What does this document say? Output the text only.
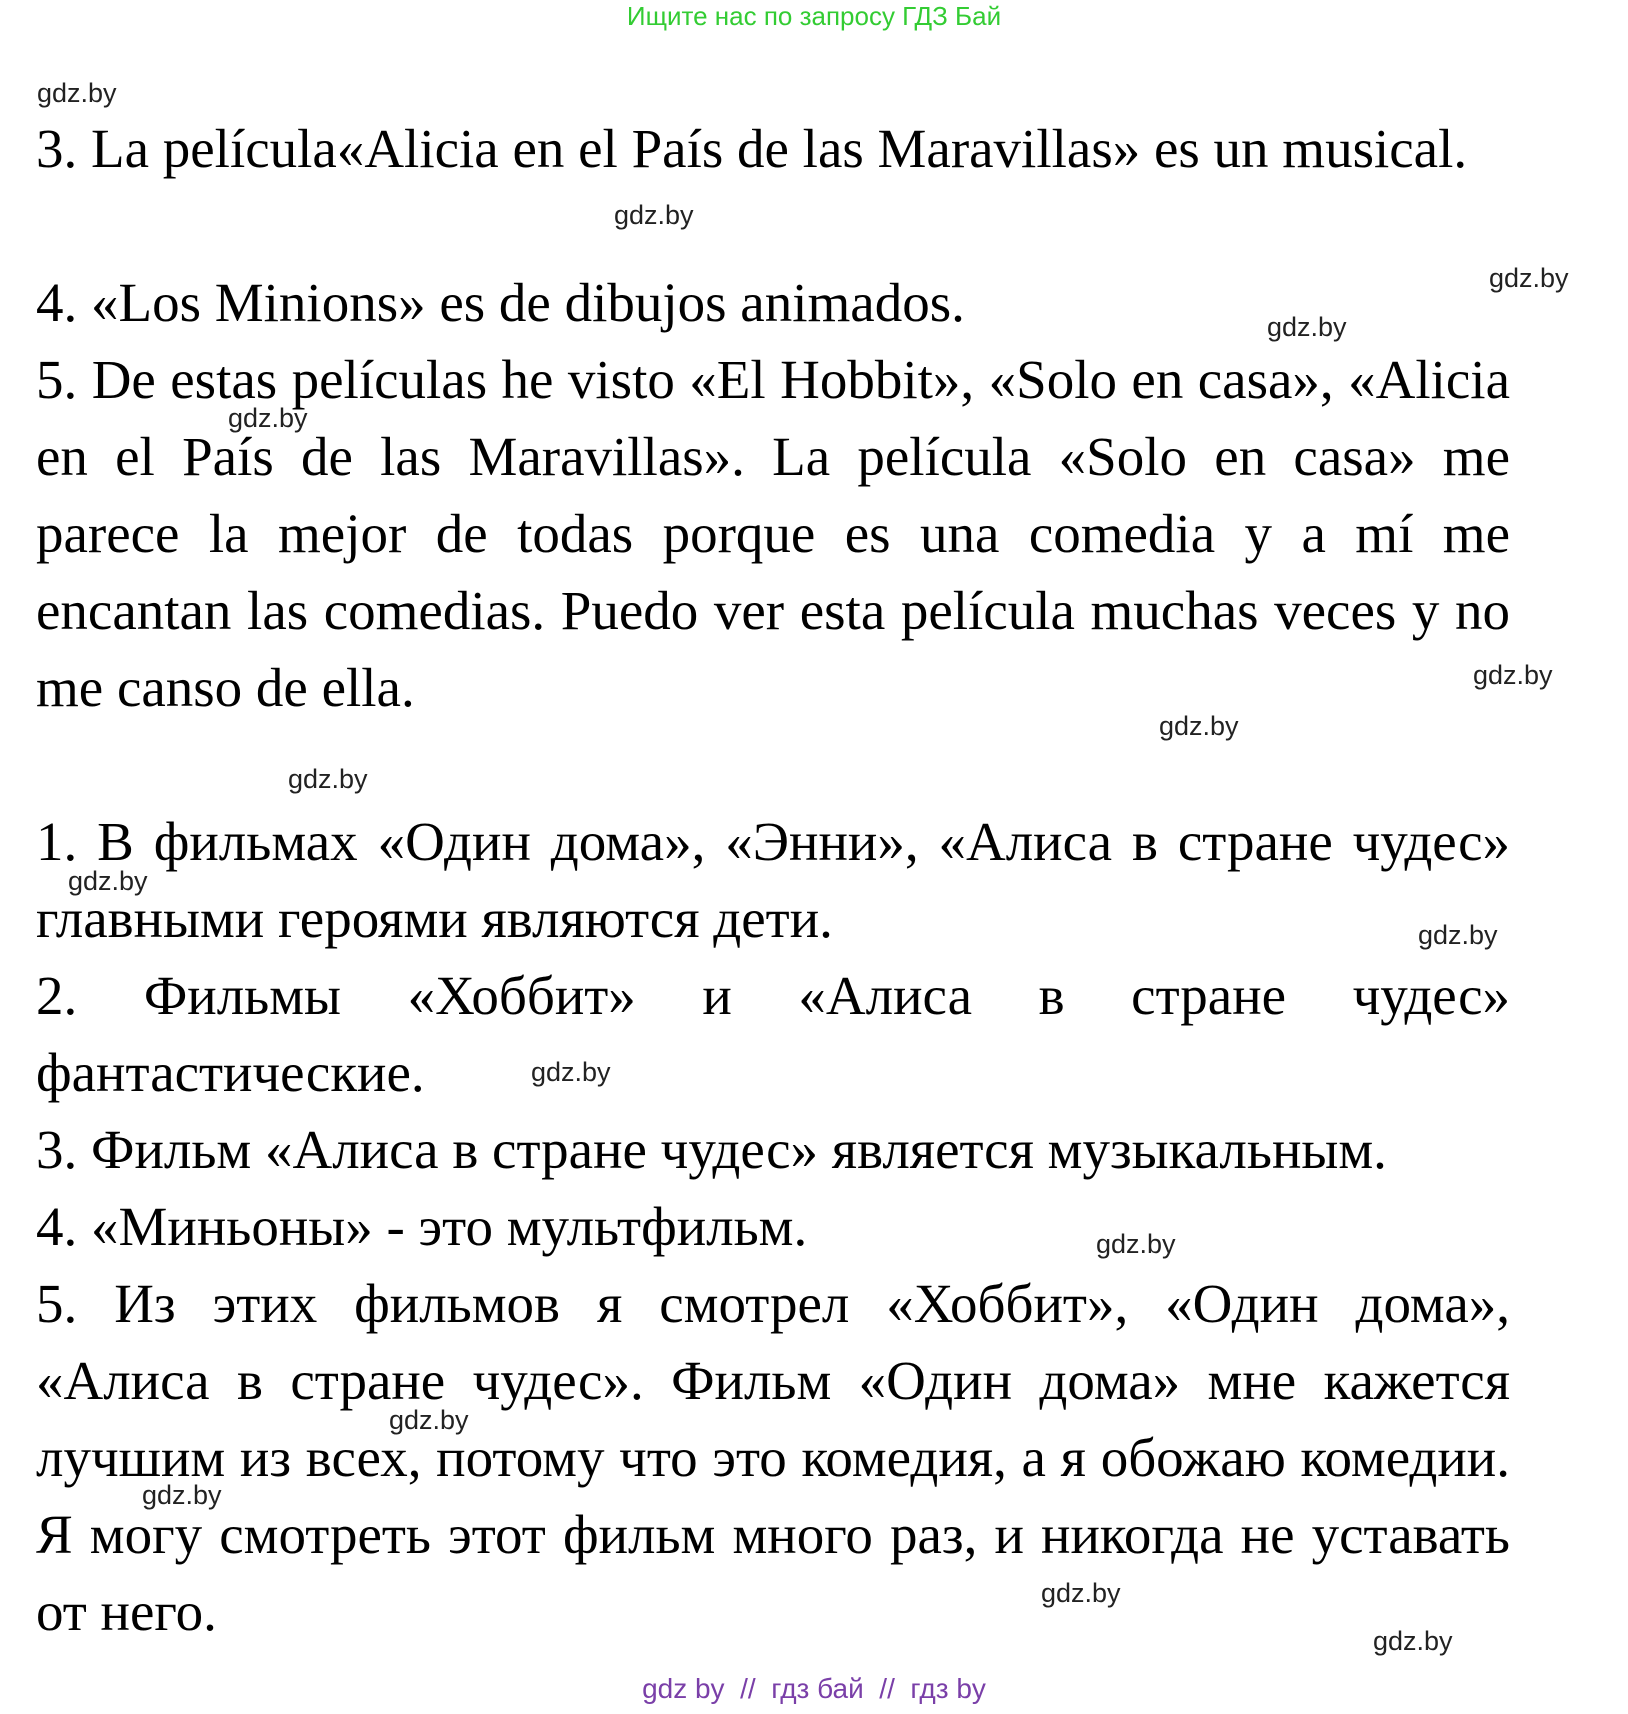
Ищите нас по запросу ГДЗ Бай

3. La película«Alicia en el País de las Maravillas» es un musical.

4. «Los Minions» es de dibujos animados.

5. De estas películas he visto «El Hobbit», «Solo en casa», «Alicia en el País de las Maravillas». La película «Solo en casa» me parece la mejor de todas porque es una comedia y a mí me encantan las comedias. Puedo ver esta película muchas veces y no me canso de ella.

1. В фильмах «Один дома», «Энни», «Алиса в стране чудес» главными героями являются дети.

2. Фильмы «Хоббит» и «Алиса в стране чудес» фантастические.

3. Фильм «Алиса в стране чудес» является музыкальным.

4. «Миньоны» - это мультфильм.

5. Из этих фильмов я смотрел «Хоббит», «Один дома», «Алиса в стране чудес». Фильм «Один дома» мне кажется лучшим из всех, потому что это комедия, а я обожаю комедии. Я могу смотреть этот фильм много раз, и никогда не уставать от него.

gdz.by
gdz.by
gdz.by
gdz.by
gdz.by
gdz.by
gdz.by
gdz.by
gdz.by
gdz.by
gdz.by
gdz.by
gdz.by
gdz.by
gdz.by
gdz.by
gdz by  //  гдз бай  //  гдз by
